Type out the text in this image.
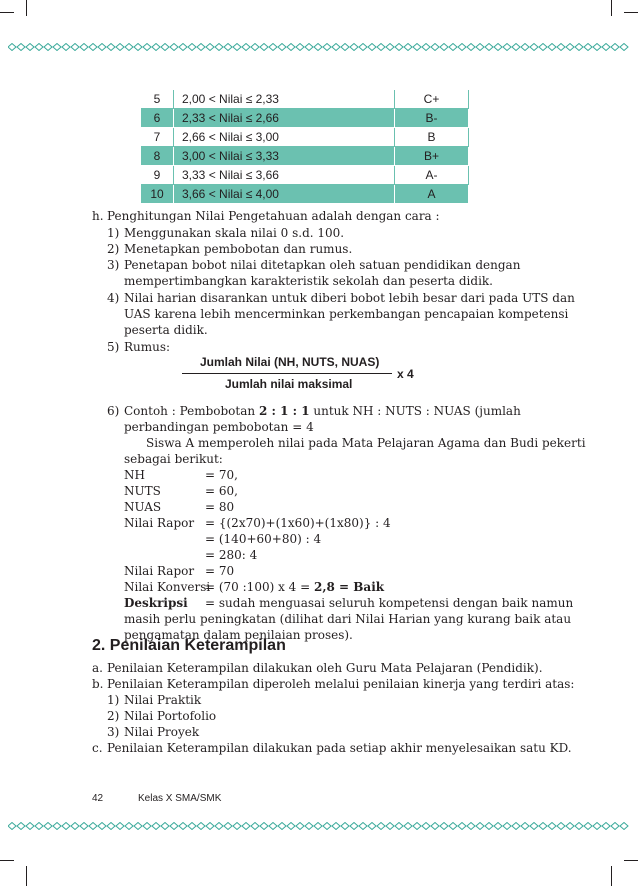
5	2,00 < Nilai ≤ 2,33	C+
6	2,33 < Nilai ≤ 2,66	B-
7	2,66 < Nilai ≤ 3,00	B
8	3,00 < Nilai ≤ 3,33	B+
9	3,33 < Nilai ≤ 3,66	A-
10	3,66 < Nilai ≤ 4,00	A
h. Penghitungan Nilai Pengetahuan adalah dengan cara :
1) Menggunakan skala nilai 0 s.d. 100.
2) Menetapkan pembobotan dan rumus.
3) Penetapan bobot nilai ditetapkan oleh satuan pendidikan dengan
mempertimbangkan karakteristik sekolah dan peserta didik.
4) Nilai harian disarankan untuk diberi bobot lebih besar dari pada UTS dan
UAS karena lebih mencerminkan perkembangan pencapaian kompetensi
peserta didik.
5) Rumus:
Jumlah Nilai (NH, NUTS, NUAS)
x 4
Jumlah nilai maksimal
6) Contoh : Pembobotan 2 : 1 : 1 untuk NH : NUTS : NUAS (jumlah
perbandingan pembobotan = 4
Siswa A memperoleh nilai pada Mata Pelajaran Agama dan Budi pekerti
sebagai berikut:
NH	= 70,
NUTS	= 60,
NUAS	= 80
Nilai Rapor = {(2x70)+(1x60)+(1x80)} : 4
= (140+60+80) : 4
= 280: 4
Nilai Rapor = 70
Nilai Konversi
= (70 :100) x 4 = 2,8 = Baik
Deskripsi = sudah menguasai seluruh kompetensi dengan baik namun
masih perlu peningkatan (dilihat dari Nilai Harian yang kurang baik atau
pengamatan dalam penilaian proses).
2. Penilaian Keterampilan
a. Penilaian Keterampilan dilakukan oleh Guru Mata Pelajaran (Pendidik).
b. Penilaian Keterampilan diperoleh melalui penilaian kinerja yang terdiri atas:
1) Nilai Praktik
2) Nilai Portofolio
3) Nilai Proyek
c. Penilaian Keterampilan dilakukan pada setiap akhir menyelesaikan satu KD.
42	Kelas X SMA/SMK
